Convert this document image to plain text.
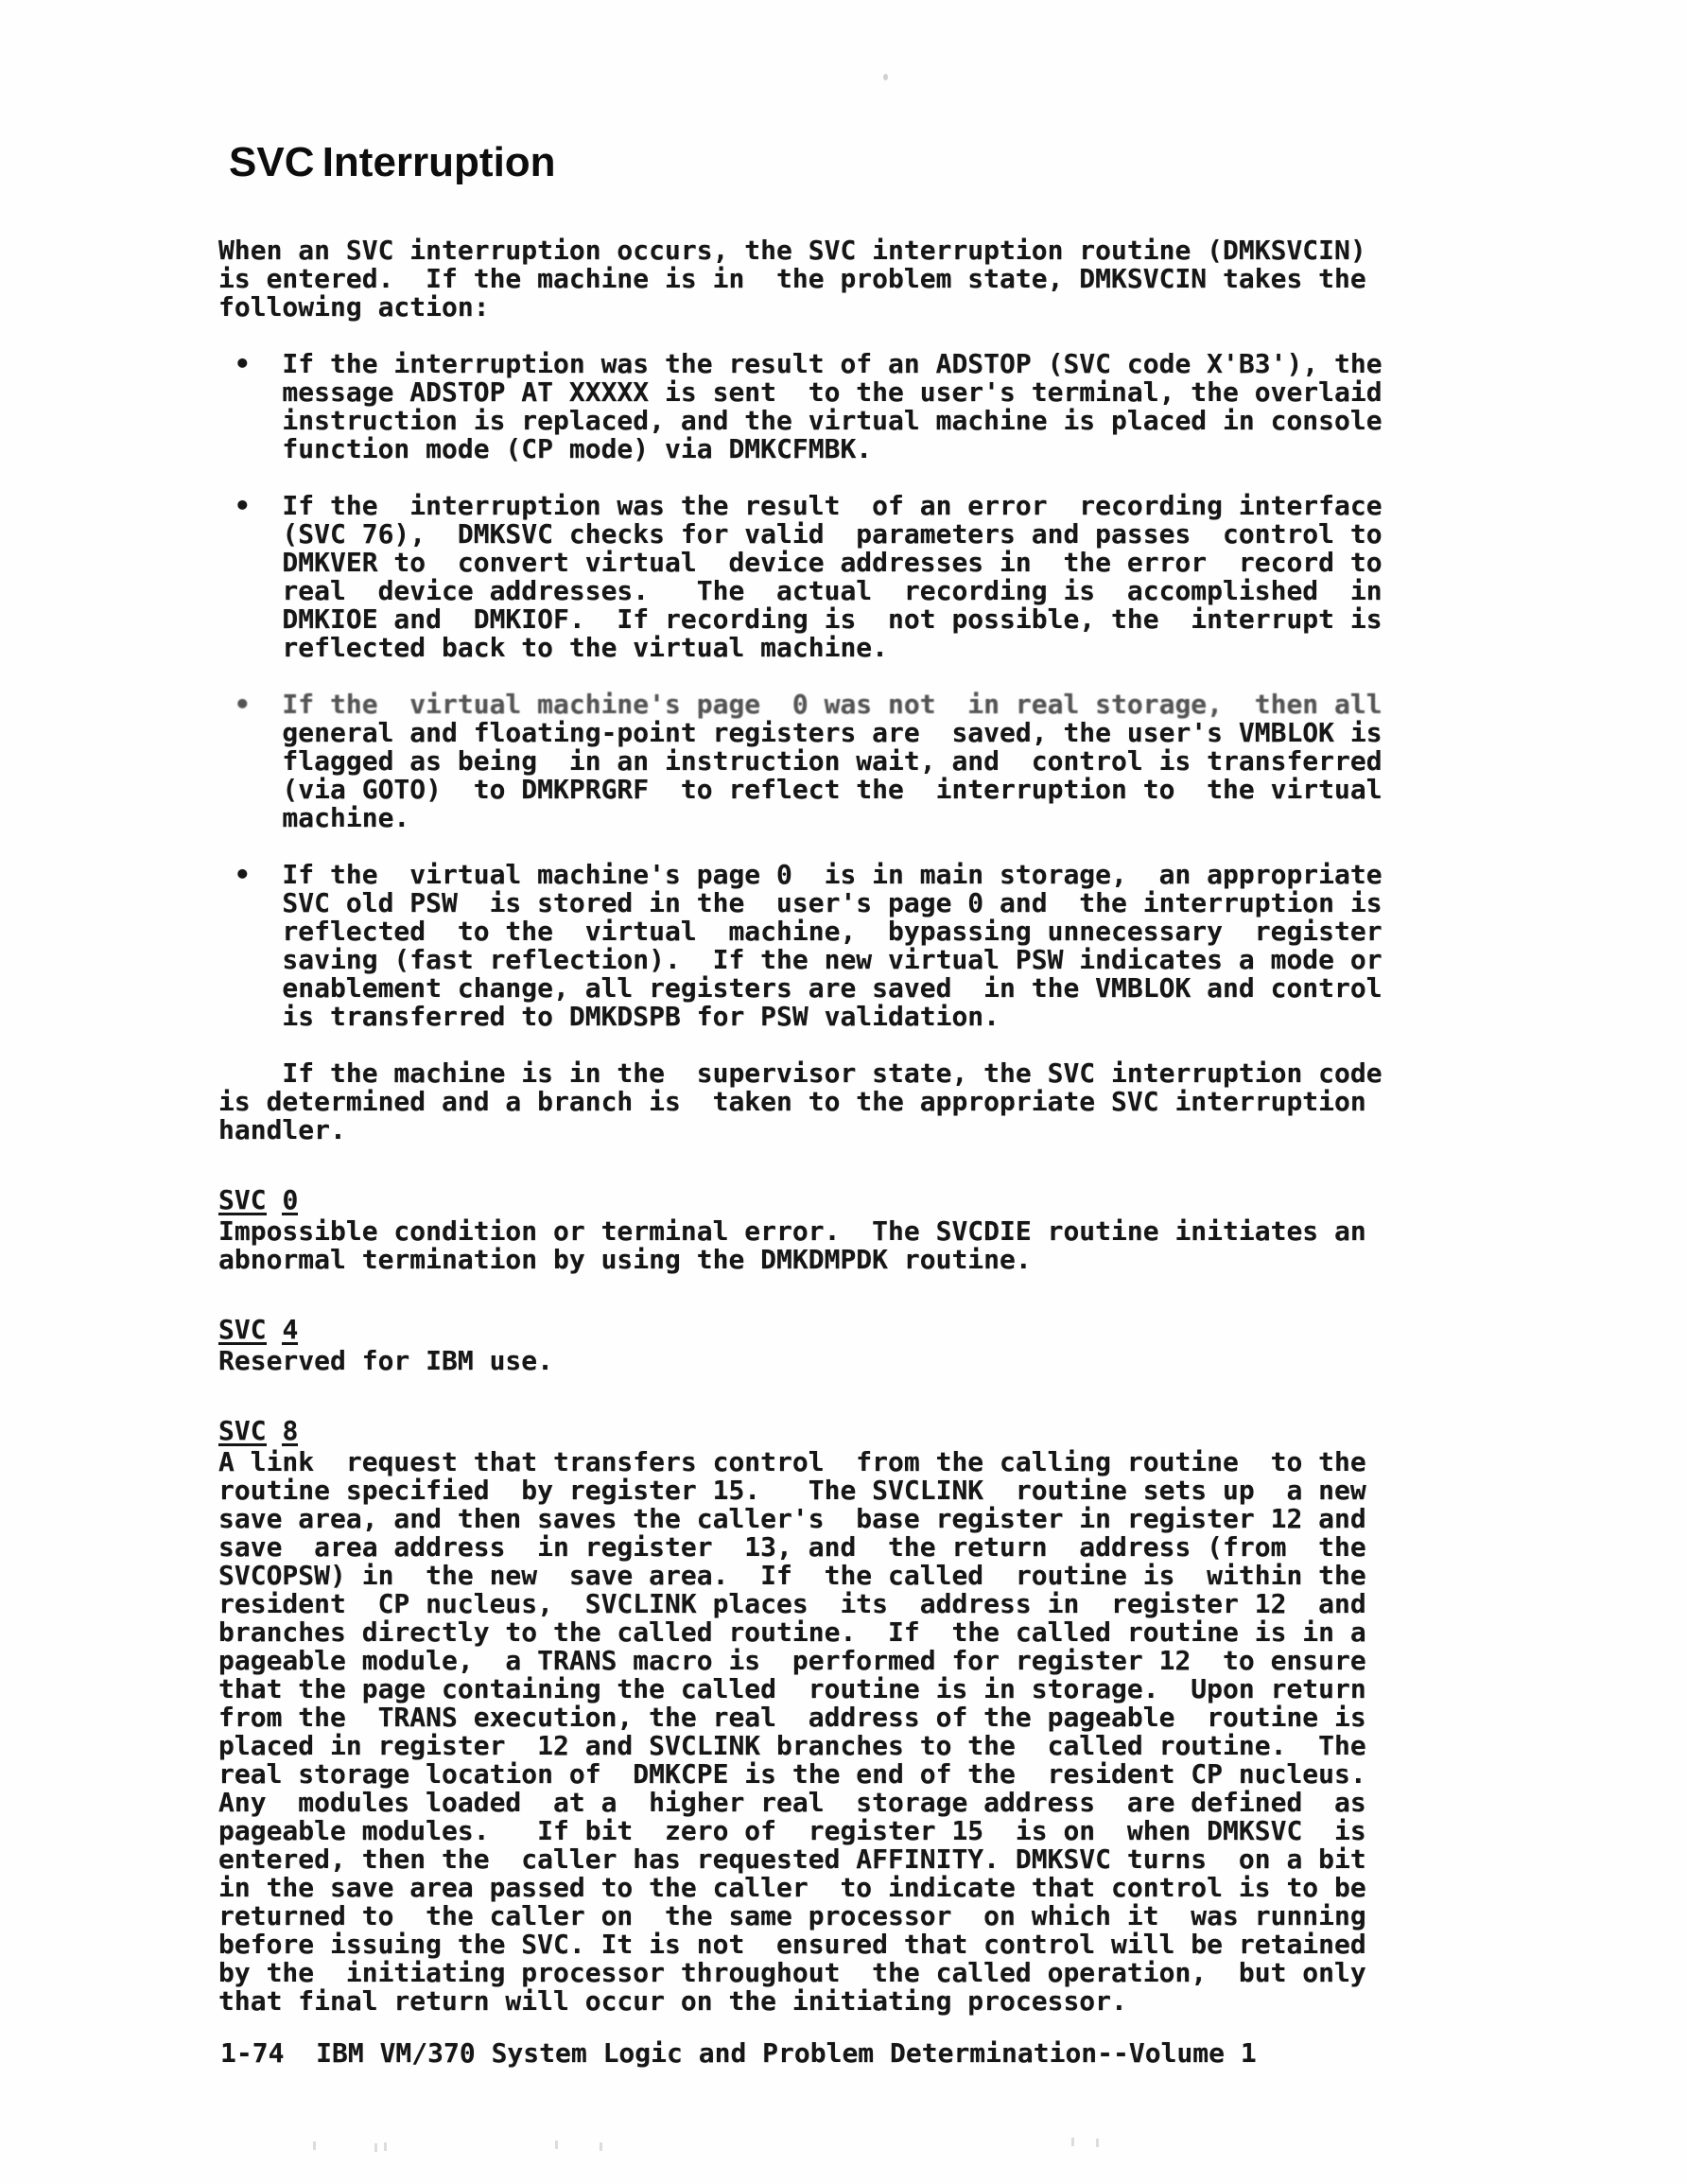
SVC Interruption
When an SVC interruption occurs, the SVC interruption routine (DMKSVCIN)
is entered.  If the machine is in  the problem state, DMKSVCIN takes the
following action:
•  If the interruption was the result of an ADSTOP (SVC code X'B3'), the
message ADSTOP AT XXXXX is sent  to the user's terminal, the overlaid
instruction is replaced, and the virtual machine is placed in console
function mode (CP mode) via DMKCFMBK.
•  If the  interruption was the result  of an error  recording interface
(SVC 76),  DMKSVC checks for valid  parameters and passes  control to
DMKVER to  convert virtual  device addresses in  the error  record to
real  device addresses.   The  actual  recording is  accomplished  in
DMKIOE and  DMKIOF.  If recording is  not possible, the  interrupt is
reflected back to the virtual machine.
•  If the  virtual machine's page  0 was not  in real storage,  then all
general and floating-point registers are  saved, the user's VMBLOK is
flagged as being  in an instruction wait, and  control is transferred
(via GOTO)  to DMKPRGRF  to reflect the  interruption to  the virtual
machine.
•  If the  virtual machine's page 0  is in main storage,  an appropriate
SVC old PSW  is stored in the  user's page 0 and  the interruption is
reflected  to the  virtual  machine,  bypassing unnecessary  register
saving (fast reflection).  If the new virtual PSW indicates a mode or
enablement change, all registers are saved  in the VMBLOK and control
is transferred to DMKDSPB for PSW validation.
If the machine is in the  supervisor state, the SVC interruption code
is determined and a branch is  taken to the appropriate SVC interruption
handler.
SVC 0
Impossible condition or terminal error.  The SVCDIE routine initiates an
abnormal termination by using the DMKDMPDK routine.
SVC 4
Reserved for IBM use.
SVC 8
A link  request that transfers control  from the calling routine  to the
routine specified  by register 15.   The SVCLINK  routine sets up  a new
save area, and then saves the caller's  base register in register 12 and
save  area address  in register  13, and  the return  address (from  the
SVCOPSW) in  the new  save area.  If  the called  routine is  within the
resident  CP nucleus,  SVCLINK places  its  address in  register 12  and
branches directly to the called routine.  If  the called routine is in a
pageable module,  a TRANS macro is  performed for register 12  to ensure
that the page containing the called  routine is in storage.  Upon return
from the  TRANS execution, the real  address of the pageable  routine is
placed in register  12 and SVCLINK branches to the  called routine.  The
real storage location of  DMKCPE is the end of the  resident CP nucleus.
Any  modules loaded  at a  higher real  storage address  are defined  as
pageable modules.   If bit  zero of  register 15  is on  when DMKSVC  is
entered, then the  caller has requested AFFINITY. DMKSVC turns  on a bit
in the save area passed to the caller  to indicate that control is to be
returned to  the caller on  the same processor  on which it  was running
before issuing the SVC. It is not  ensured that control will be retained
by the  initiating processor throughout  the called operation,  but only
that final return will occur on the initiating processor.
1-74  IBM VM/370 System Logic and Problem Determination--Volume 1
